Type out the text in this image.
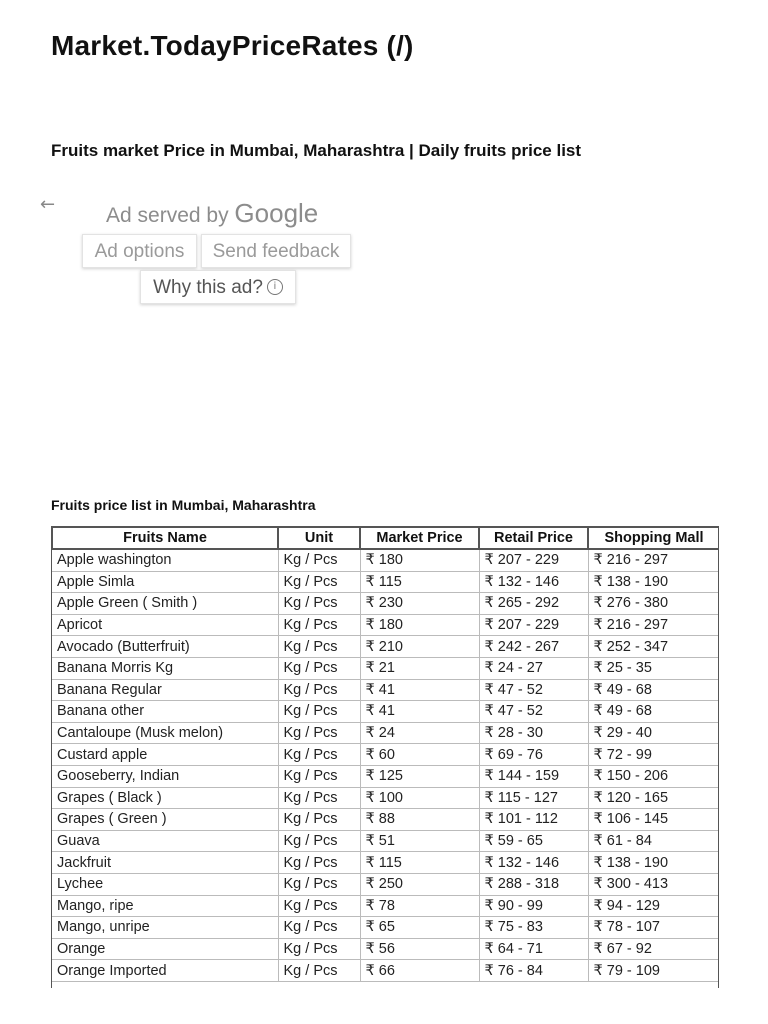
Market.TodayPriceRates (/)
Fruits market Price in Mumbai, Maharashtra | Daily fruits price list
← Ad served by Google
Ad options	Send feedback
Why this ad? i
Fruits price list in Mumbai, Maharashtra
Fruits Name	Unit	Market Price	Retail Price	Shopping Mall
Apple washington	Kg / Pcs	₹ 180	₹ 207 - 229	₹ 216 - 297
Apple Simla	Kg / Pcs	₹ 115	₹ 132 - 146	₹ 138 - 190
Apple Green ( Smith )	Kg / Pcs	₹ 230	₹ 265 - 292	₹ 276 - 380
Apricot	Kg / Pcs	₹ 180	₹ 207 - 229	₹ 216 - 297
Avocado (Butterfruit)	Kg / Pcs	₹ 210	₹ 242 - 267	₹ 252 - 347
Banana Morris Kg	Kg / Pcs	₹ 21	₹ 24 - 27	₹ 25 - 35
Banana Regular	Kg / Pcs	₹ 41	₹ 47 - 52	₹ 49 - 68
Banana other	Kg / Pcs	₹ 41	₹ 47 - 52	₹ 49 - 68
Cantaloupe (Musk melon)	Kg / Pcs	₹ 24	₹ 28 - 30	₹ 29 - 40
Custard apple	Kg / Pcs	₹ 60	₹ 69 - 76	₹ 72 - 99
Gooseberry, Indian	Kg / Pcs	₹ 125	₹ 144 - 159	₹ 150 - 206
Grapes ( Black )	Kg / Pcs	₹ 100	₹ 115 - 127	₹ 120 - 165
Grapes ( Green )	Kg / Pcs	₹ 88	₹ 101 - 112	₹ 106 - 145
Guava	Kg / Pcs	₹ 51	₹ 59 - 65	₹ 61 - 84
Jackfruit	Kg / Pcs	₹ 115	₹ 132 - 146	₹ 138 - 190
Lychee	Kg / Pcs	₹ 250	₹ 288 - 318	₹ 300 - 413
Mango, ripe	Kg / Pcs	₹ 78	₹ 90 - 99	₹ 94 - 129
Mango, unripe	Kg / Pcs	₹ 65	₹ 75 - 83	₹ 78 - 107
Orange	Kg / Pcs	₹ 56	₹ 64 - 71	₹ 67 - 92
Orange Imported	Kg / Pcs	₹ 66	₹ 76 - 84	₹ 79 - 109
